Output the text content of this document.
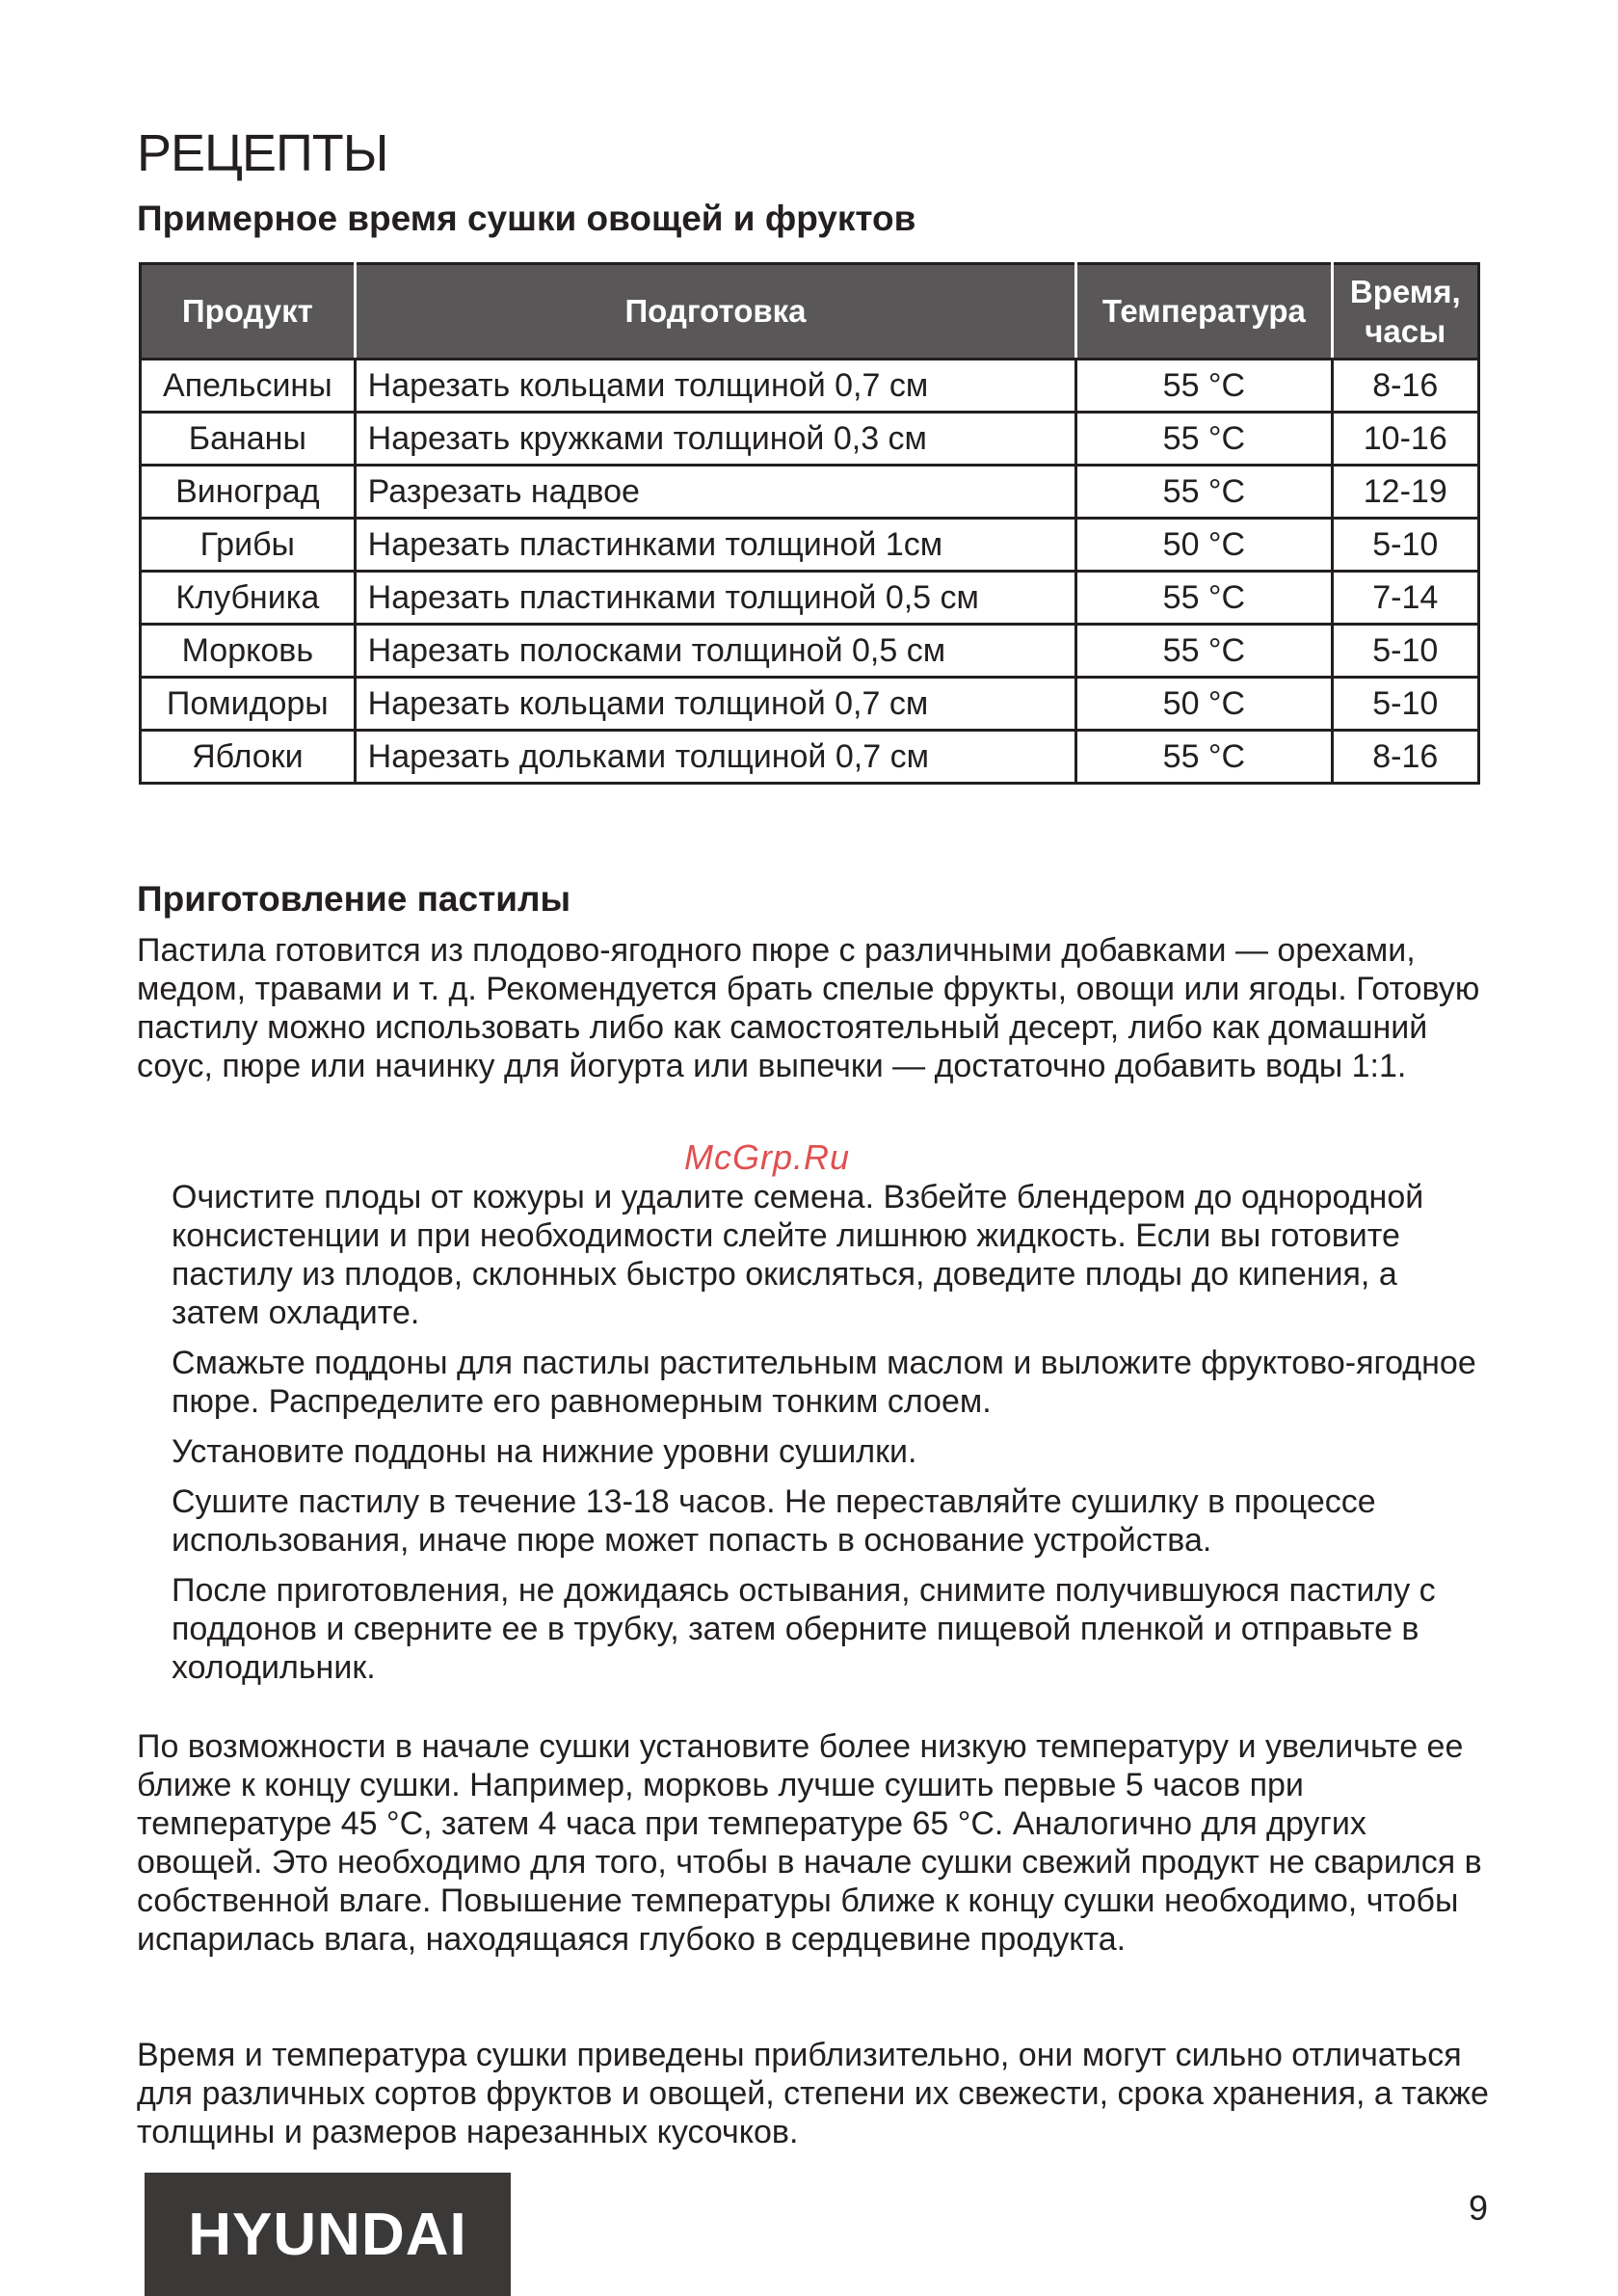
РЕЦЕПТЫ
Примерное время сушки овощей и фруктов
Продукт	Подготовка	Температура	Время, часы
Апельсины	Нарезать кольцами толщиной 0,7 см	55 °С	8-16
Бананы	Нарезать кружками толщиной 0,3 см	55 °С	10-16
Виноград	Разрезать надвое	55 °С	12-19
Грибы	Нарезать пластинками толщиной 1см	50 °С	5-10
Клубника	Нарезать пластинками толщиной 0,5 см	55 °С	7-14
Морковь	Нарезать полосками толщиной 0,5 см	55 °С	5-10
Помидоры	Нарезать кольцами толщиной 0,7 см	50 °С	5-10
Яблоки	Нарезать дольками толщиной 0,7 см	55 °С	8-16
Приготовление пастилы

Пастила готовится из плодово-ягодного пюре с различными добавками — орехами, медом, травами и т. д. Рекомендуется брать спелые фрукты, овощи или ягоды. Готовую пастилу можно использовать либо как самостоятельный десерт, либо как домашний соус, пюре или начинку для йогурта или выпечки — достаточно добавить воды 1:1.

McGrp.Ru
Очистите плоды от кожуры и удалите семена. Взбейте блендером до однородной консистенции и при необходимости слейте лишнюю жидкость. Если вы готовите пастилу из плодов, склонных быстро окисляться, доведите плоды до кипения, а затем охладите.
Смажьте поддоны для пастилы растительным маслом и выложите фруктово-ягодное пюре. Распределите его равномерным тонким слоем.
Установите поддоны на нижние уровни сушилки.
Сушите пастилу в течение 13-18 часов. Не переставляйте сушилку в процессе использования, иначе пюре может попасть в основание устройства.
После приготовления, не дожидаясь остывания, снимите получившуюся пастилу с поддонов и сверните ее в трубку, затем оберните пищевой пленкой и отправьте в холодильник.

По возможности в начале сушки установите более низкую температуру и увеличьте ее ближе к концу сушки. Например, морковь лучше сушить первые 5 часов при температуре 45 °С, затем 4 часа при температуре 65 °С. Аналогично для других овощей. Это необходимо для того, чтобы в начале сушки свежий продукт не сварился в собственной влаге. Повышение температуры ближе к концу сушки необходимо, чтобы испарилась влага, находящаяся глубоко в сердцевине продукта.

Время и температура сушки приведены приблизительно, они могут сильно отличаться для различных сортов фруктов и овощей, степени их свежести, срока хранения, а также толщины и размеров нарезанных кусочков.

HYUNDAI	9
